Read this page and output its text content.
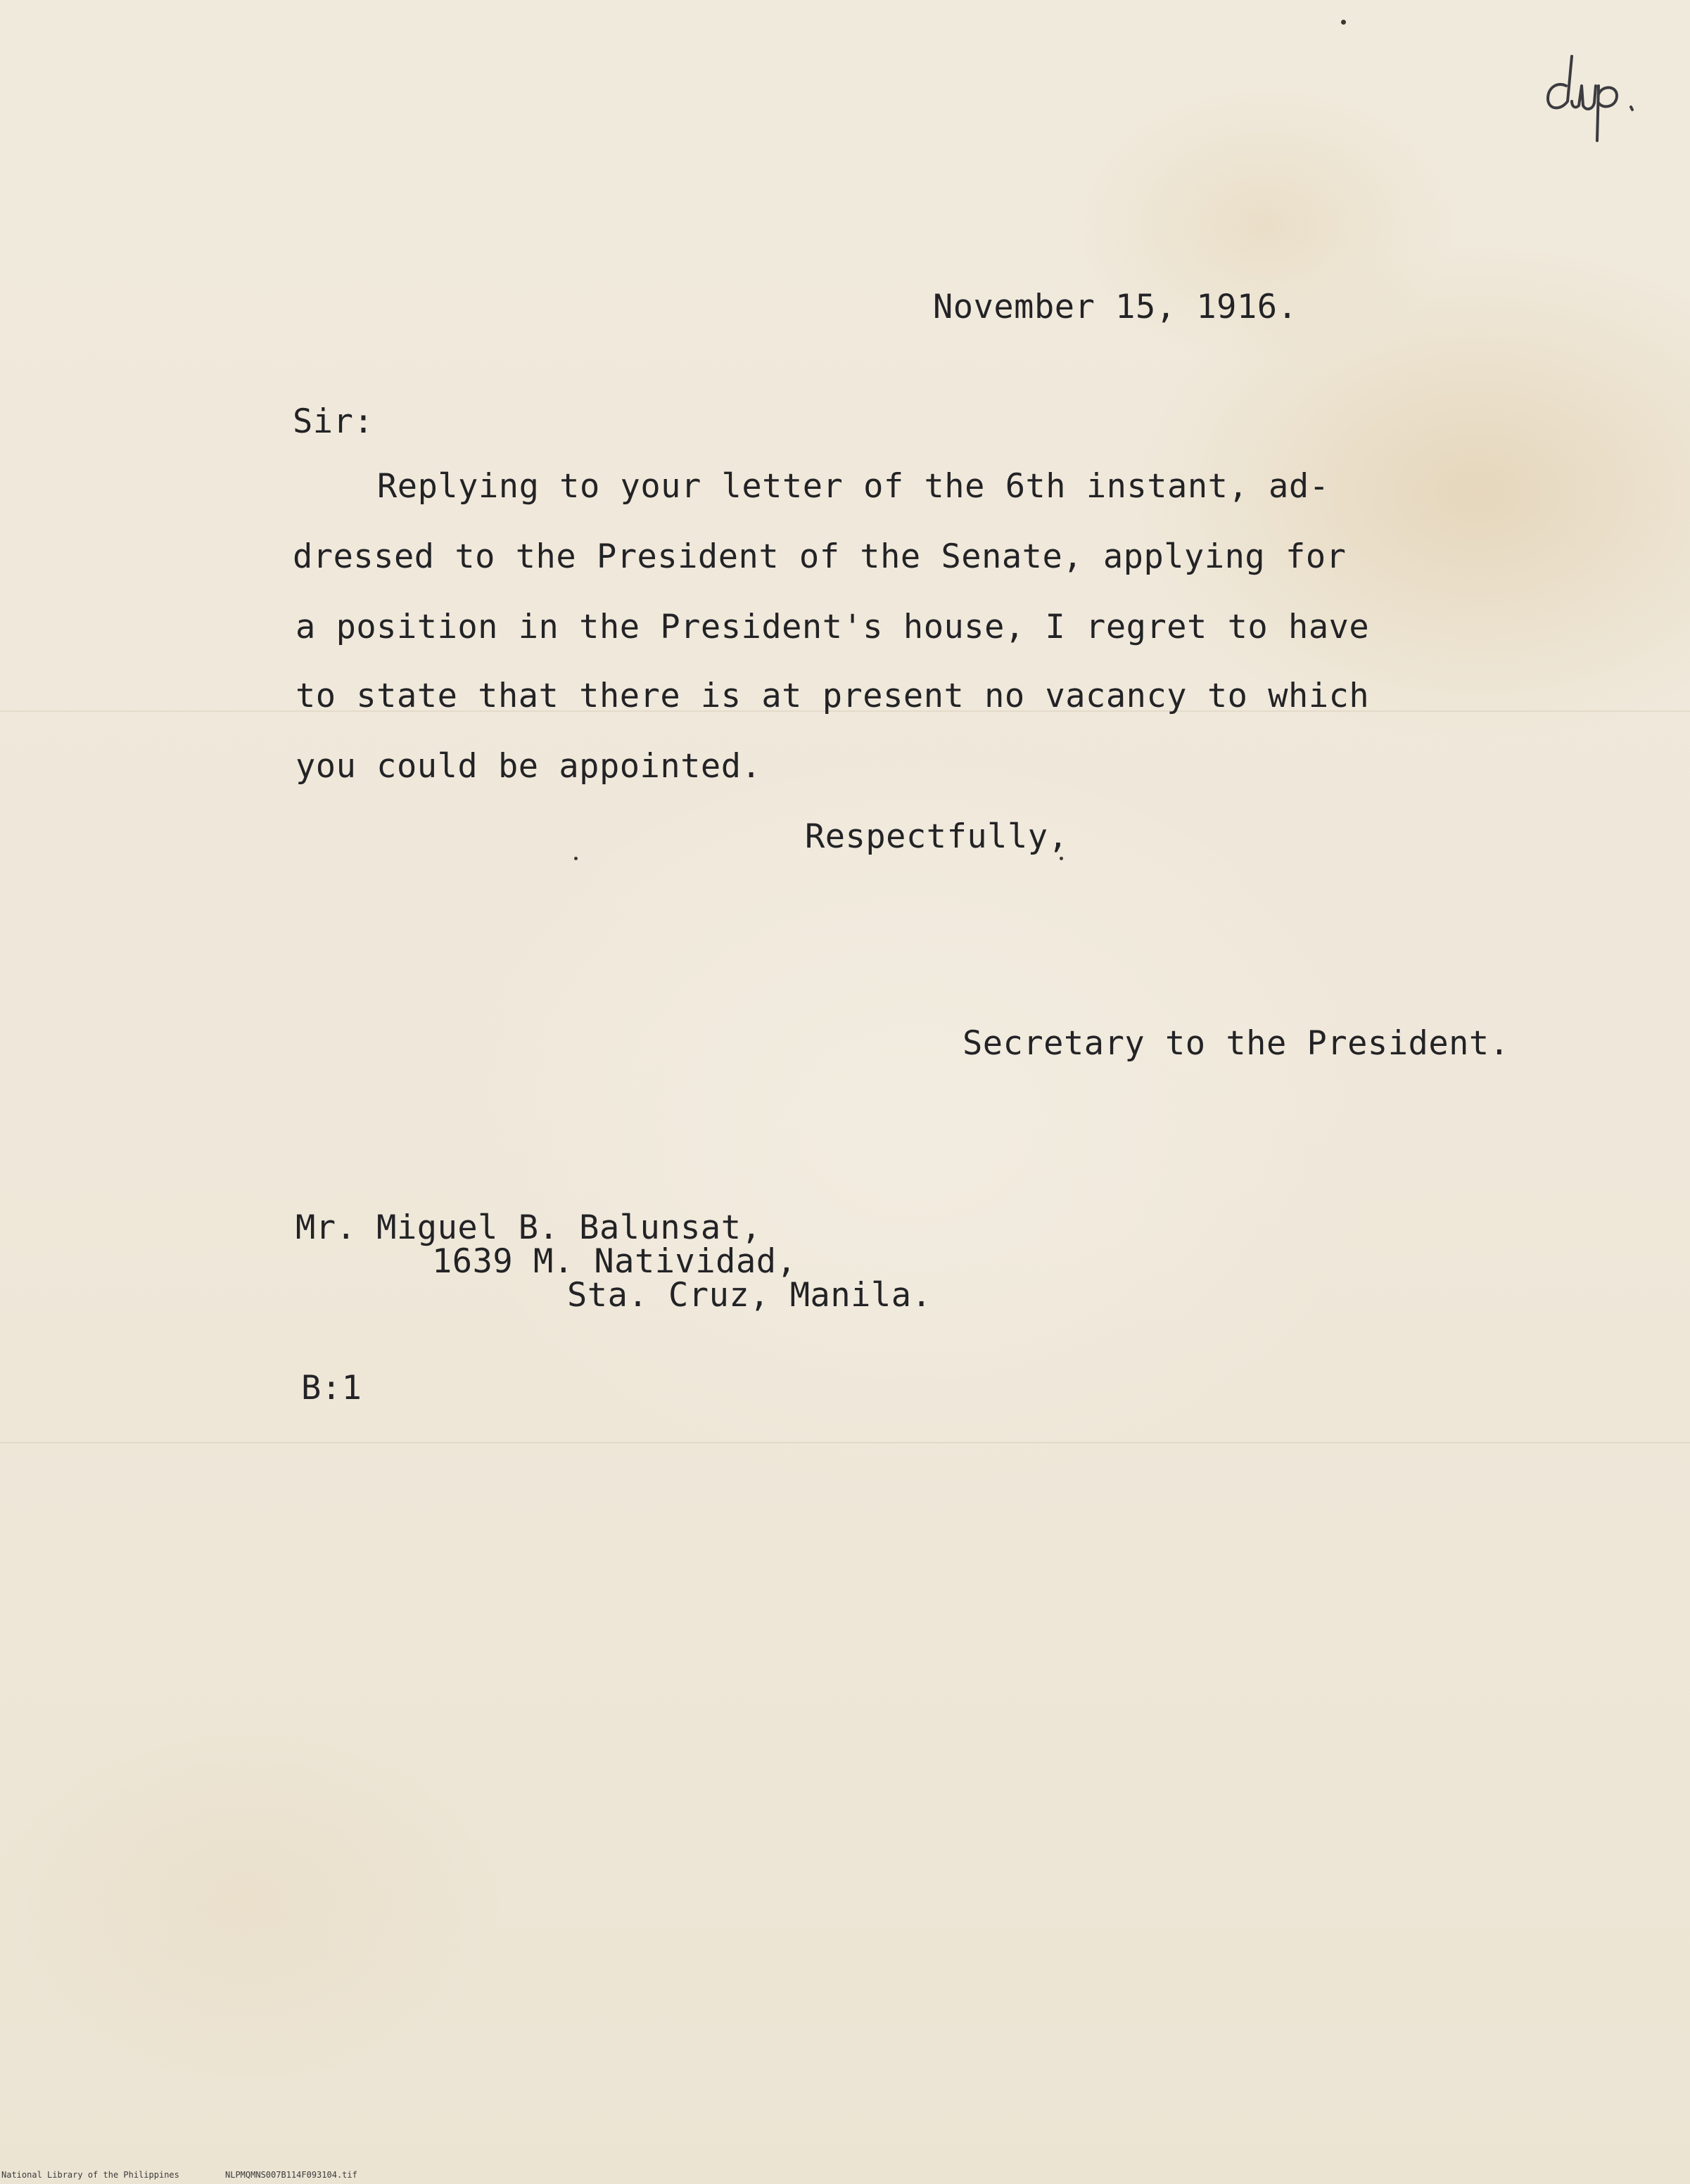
November 15, 1916.
Sir:
Replying to your letter of the 6th instant, ad-
dressed to the President of the Senate, applying for
a position in the President's house, I regret to have
to state that there is at present no vacancy to which
you could be appointed.
Respectfully,
Secretary to the President.
Mr. Miguel B. Balunsat,
1639 M. Natividad,
Sta. Cruz, Manila.
B:1
National Library of the Philippines	NLPMQMNS007B114F093104.tif
